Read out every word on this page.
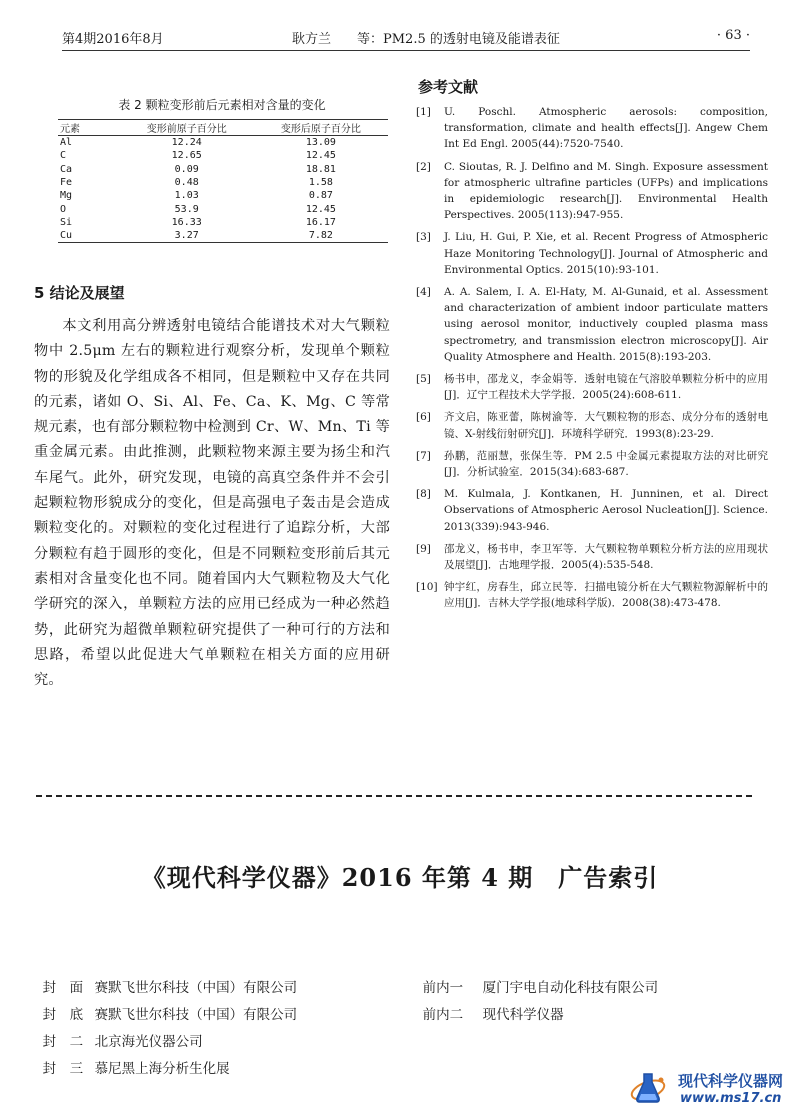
第4期2016年8月	耿方兰　　等：PM2.5 的透射电镜及能谱表征	· 63 ·
表 2 颗粒变形前后元素相对含量的变化
元素	变形前原子百分比	变形后原子百分比
Al	12.24	13.09
C	12.65	12.45
Ca	0.09	18.81
Fe	0.48	1.58
Mg	1.03	0.87
O	53.9	12.45
Si	16.33	16.17
Cu	3.27	7.82
5 结论及展望
本文利用高分辨透射电镜结合能谱技术对大气颗粒物中 2.5μm 左右的颗粒进行观察分析，发现单个颗粒物的形貌及化学组成各不相同，但是颗粒中又存在共同的元素，诸如 O、Si、Al、Fe、Ca、K、Mg、C 等常规元素，也有部分颗粒物中检测到 Cr、W、Mn、Ti 等重金属元素。由此推测，此颗粒物来源主要为扬尘和汽车尾气。此外，研究发现，电镜的高真空条件并不会引起颗粒物形貌成分的变化，但是高强电子轰击是会造成颗粒变化的。对颗粒的变化过程进行了追踪分析，大部分颗粒有趋于圆形的变化，但是不同颗粒变形前后其元素相对含量变化也不同。随着国内大气颗粒物及大气化学研究的深入，单颗粒方法的应用已经成为一种必然趋势，此研究为超微单颗粒研究提供了一种可行的方法和思路，希望以此促进大气单颗粒在相关方面的应用研究。
参考文献
[1] U. Poschl. Atmospheric aerosols: composition, transformation, climate and health effects[J]. Angew Chem Int Ed Engl. 2005(44):7520-7540.
[2] C. Sioutas, R. J. Delfino and M. Singh. Exposure assessment for atmospheric ultrafine particles (UFPs) and implications in epidemiologic research[J]. Environmental Health Perspectives. 2005(113):947-955.
[3] J. Liu, H. Gui, P. Xie, et al. Recent Progress of Atmospheric Haze Monitoring Technology[J]. Journal of Atmospheric and Environmental Optics. 2015(10):93-101.
[4] A. A. Salem, I. A. El-Haty, M. Al-Gunaid, et al. Assessment and characterization of ambient indoor particulate matters using aerosol monitor, inductively coupled plasma mass spectrometry, and transmission electron microscopy[J]. Air Quality Atmosphere and Health. 2015(8):193-203.
[5] 杨书申，邵龙义，李金娟等．透射电镜在气溶胶单颗粒分析中的应用[J]．辽宁工程技术大学学报．2005(24):608-611.
[6] 齐文启，陈亚蕾，陈树渝等．大气颗粒物的形态、成分分布的透射电镜、X-射线衍射研究[J]．环境科学研究．1993(8):23-29.
[7] 孙鹏，范丽慧，张保生等．PM 2.5 中金属元素提取方法的对比研究[J]．分析试验室．2015(34):683-687.
[8] M. Kulmala, J. Kontkanen, H. Junninen, et al. Direct Observations of Atmospheric Aerosol Nucleation[J]. Science. 2013(339):943-946.
[9] 邵龙义，杨书申，李卫军等．大气颗粒物单颗粒分析方法的应用现状及展望[J]．古地理学报．2005(4):535-548.
[10] 钟宇红，房春生，邱立民等．扫描电镜分析在大气颗粒物源解析中的应用[J]．吉林大学学报(地球科学版)．2008(38):473-478.
《现代科学仪器》2016 年第 4 期　广告索引

封　面 赛默飞世尔科技（中国）有限公司

封　底 赛默飞世尔科技（中国）有限公司

封　二 北京海光仪器公司

封　三 慕尼黑上海分析生化展

前内一 厦门宇电自动化科技有限公司

前内二 现代科学仪器

现代科学仪器网
www.ms17.cn
